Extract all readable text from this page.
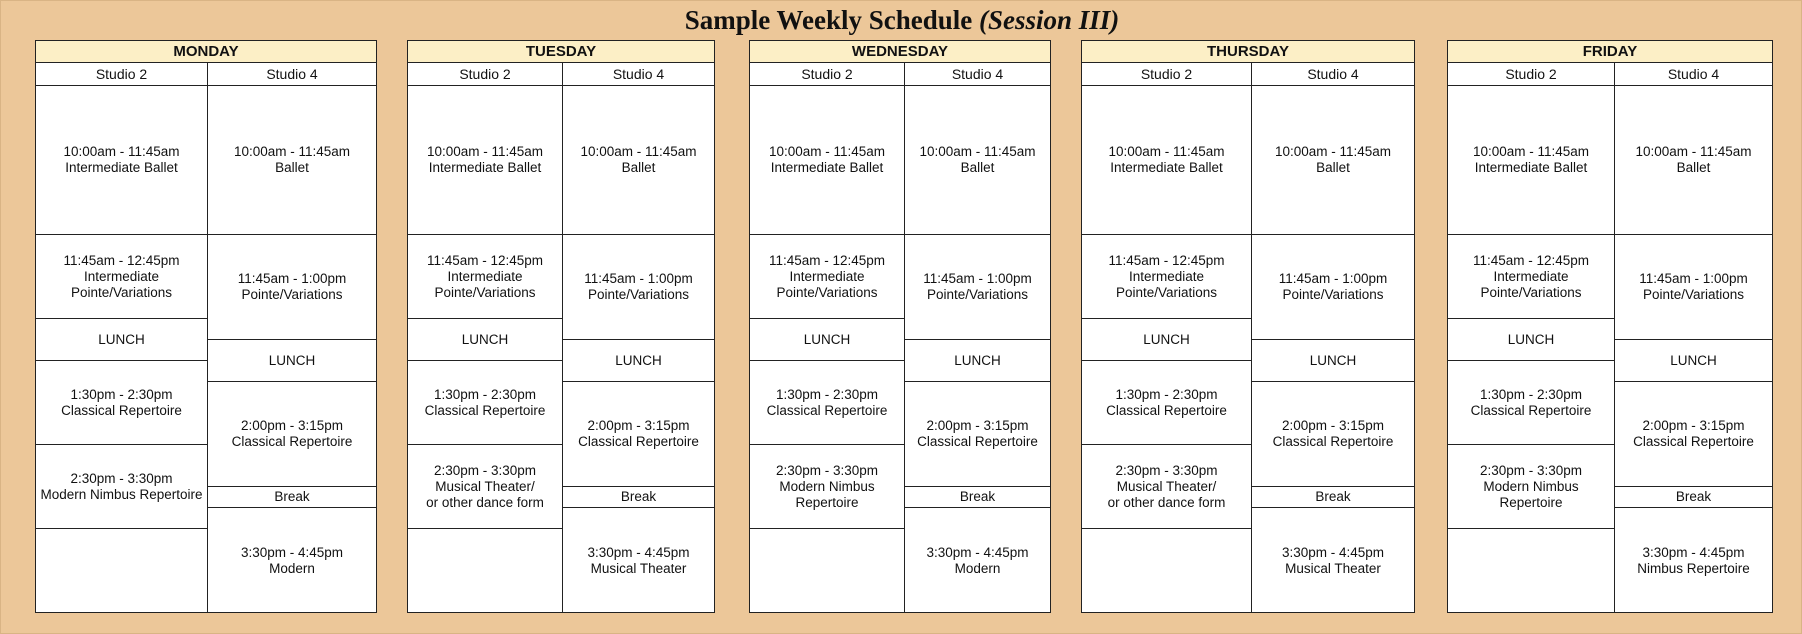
Sample Weekly Schedule (Session III)
MONDAY
Studio 2
10:00am - 11:45am
Intermediate Ballet
11:45am - 12:45pm
Intermediate
Pointe/Variations
LUNCH
1:30pm - 2:30pm
Classical Repertoire
2:30pm - 3:30pm
Modern Nimbus Repertoire
Studio 4
10:00am - 11:45am
Ballet
11:45am - 1:00pm
Pointe/Variations
LUNCH
2:00pm - 3:15pm
Classical Repertoire
Break
3:30pm - 4:45pm
Modern
TUESDAY
Studio 2
10:00am - 11:45am
Intermediate Ballet
11:45am - 12:45pm
Intermediate
Pointe/Variations
LUNCH
1:30pm - 2:30pm
Classical Repertoire
2:30pm - 3:30pm
Musical Theater/
or other dance form
Studio 4
10:00am - 11:45am
Ballet
11:45am - 1:00pm
Pointe/Variations
LUNCH
2:00pm - 3:15pm
Classical Repertoire
Break
3:30pm - 4:45pm
Musical Theater
WEDNESDAY
Studio 2
10:00am - 11:45am
Intermediate Ballet
11:45am - 12:45pm
Intermediate
Pointe/Variations
LUNCH
1:30pm - 2:30pm
Classical Repertoire
2:30pm - 3:30pm
Modern Nimbus
Repertoire
Studio 4
10:00am - 11:45am
Ballet
11:45am - 1:00pm
Pointe/Variations
LUNCH
2:00pm - 3:15pm
Classical Repertoire
Break
3:30pm - 4:45pm
Modern
THURSDAY
Studio 2
10:00am - 11:45am
Intermediate Ballet
11:45am - 12:45pm
Intermediate
Pointe/Variations
LUNCH
1:30pm - 2:30pm
Classical Repertoire
2:30pm - 3:30pm
Musical Theater/
or other dance form
Studio 4
10:00am - 11:45am
Ballet
11:45am - 1:00pm
Pointe/Variations
LUNCH
2:00pm - 3:15pm
Classical Repertoire
Break
3:30pm - 4:45pm
Musical Theater
FRIDAY
Studio 2
10:00am - 11:45am
Intermediate Ballet
11:45am - 12:45pm
Intermediate
Pointe/Variations
LUNCH
1:30pm - 2:30pm
Classical Repertoire
2:30pm - 3:30pm
Modern Nimbus
Repertoire
Studio 4
10:00am - 11:45am
Ballet
11:45am - 1:00pm
Pointe/Variations
LUNCH
2:00pm - 3:15pm
Classical Repertoire
Break
3:30pm - 4:45pm
Nimbus Repertoire
